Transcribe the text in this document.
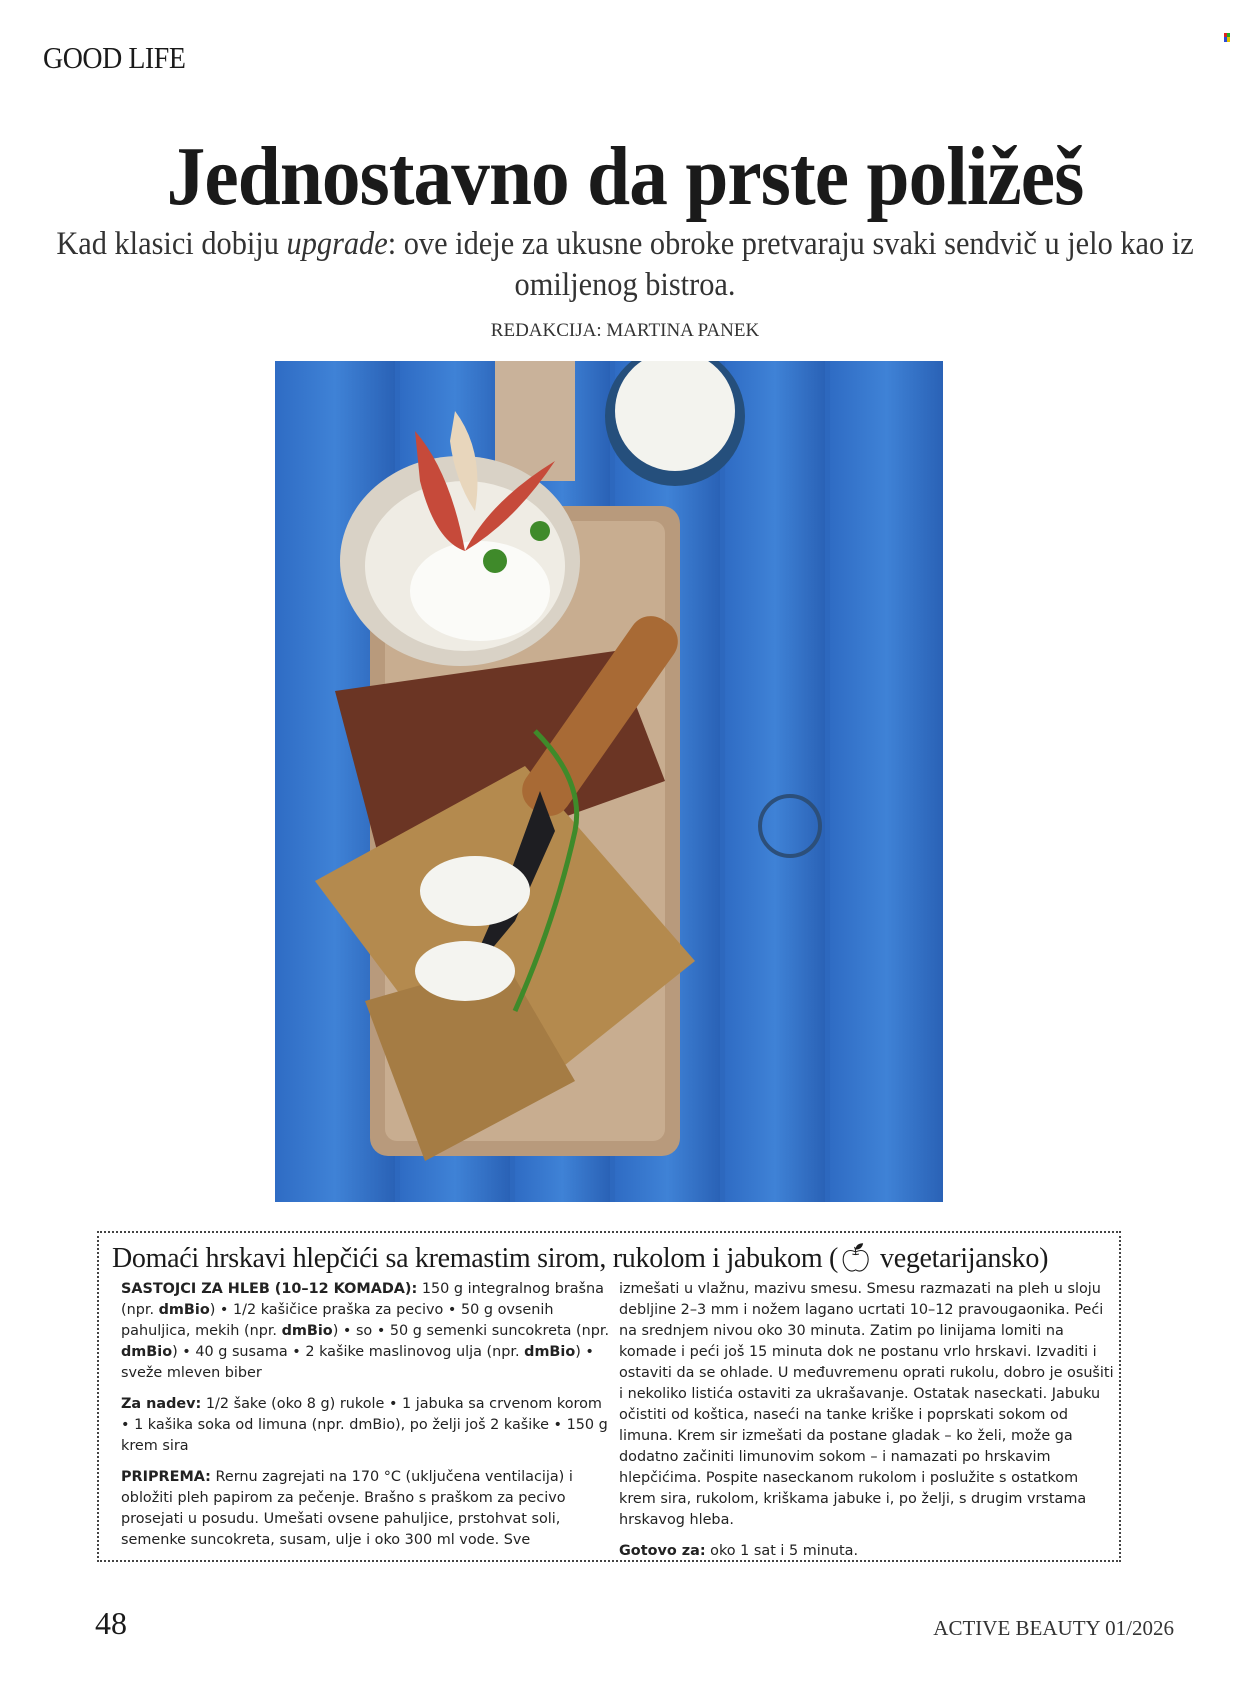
GOOD LIFE
Jednostavno da prste poližeš
Kad klasici dobiju upgrade: ove ideje za ukusne obroke pretvaraju svaki sendvič u jelo kao iz omiljenog bistroa.
REDAKCIJA: MARTINA PANEK
Domaći hrskavi hlepčići sa kremastim sirom, rukolom i jabukom (🍏︎ vegetarijansko)

SASTOJCI ZA HLEB (10–12 KOMADA): 150 g integralnog brašna (npr. dmBio) • 1/2 kašičice praška za pecivo • 50 g ovsenih pahuljica, mekih (npr. dmBio) • so • 50 g semenki suncokreta (npr. dmBio) • 40 g susama • 2 kašike maslinovog ulja (npr. dmBio) • sveže mleven biber

Za nadev: 1/2 šake (oko 8 g) rukole • 1 jabuka sa crvenom korom • 1 kašika soka od limuna (npr. dmBio), po želji još 2 kašike • 150 g krem sira

PRIPREMA: Rernu zagrejati na 170 °C (uključena ventilacija) i obložiti pleh papirom za pečenje. Brašno s praškom za pecivo prosejati u posudu. Umešati ovsene pahuljice, prstohvat soli, semenke suncokreta, susam, ulje i oko 300 ml vode. Sve

izmešati u vlažnu, mazivu smesu. Smesu razmazati na pleh u sloju debljine 2–3 mm i nožem lagano ucrtati 10–12 pravougaonika. Peći na srednjem nivou oko 30 minuta. Zatim po linijama lomiti na komade i peći još 15 minuta dok ne postanu vrlo hrskavi. Izvaditi i ostaviti da se ohlade. U međuvremenu oprati rukolu, dobro je osušiti i nekoliko listića ostaviti za ukrašavanje. Ostatak naseckati. Jabuku očistiti od koštica, naseći na tanke kriške i poprskati sokom od limuna. Krem sir izmešati da postane gladak – ko želi, može ga dodatno začiniti limunovim sokom – i namazati po hrskavim hlepčićima. Pospite naseckanom rukolom i poslužite s ostatkom krem sira, rukolom, kriškama jabuke i, po želji, s drugim vrstama hrskavog hleba.

Gotovo za: oko 1 sat i 5 minuta.

48	ACTIVE BEAUTY 01/2026
